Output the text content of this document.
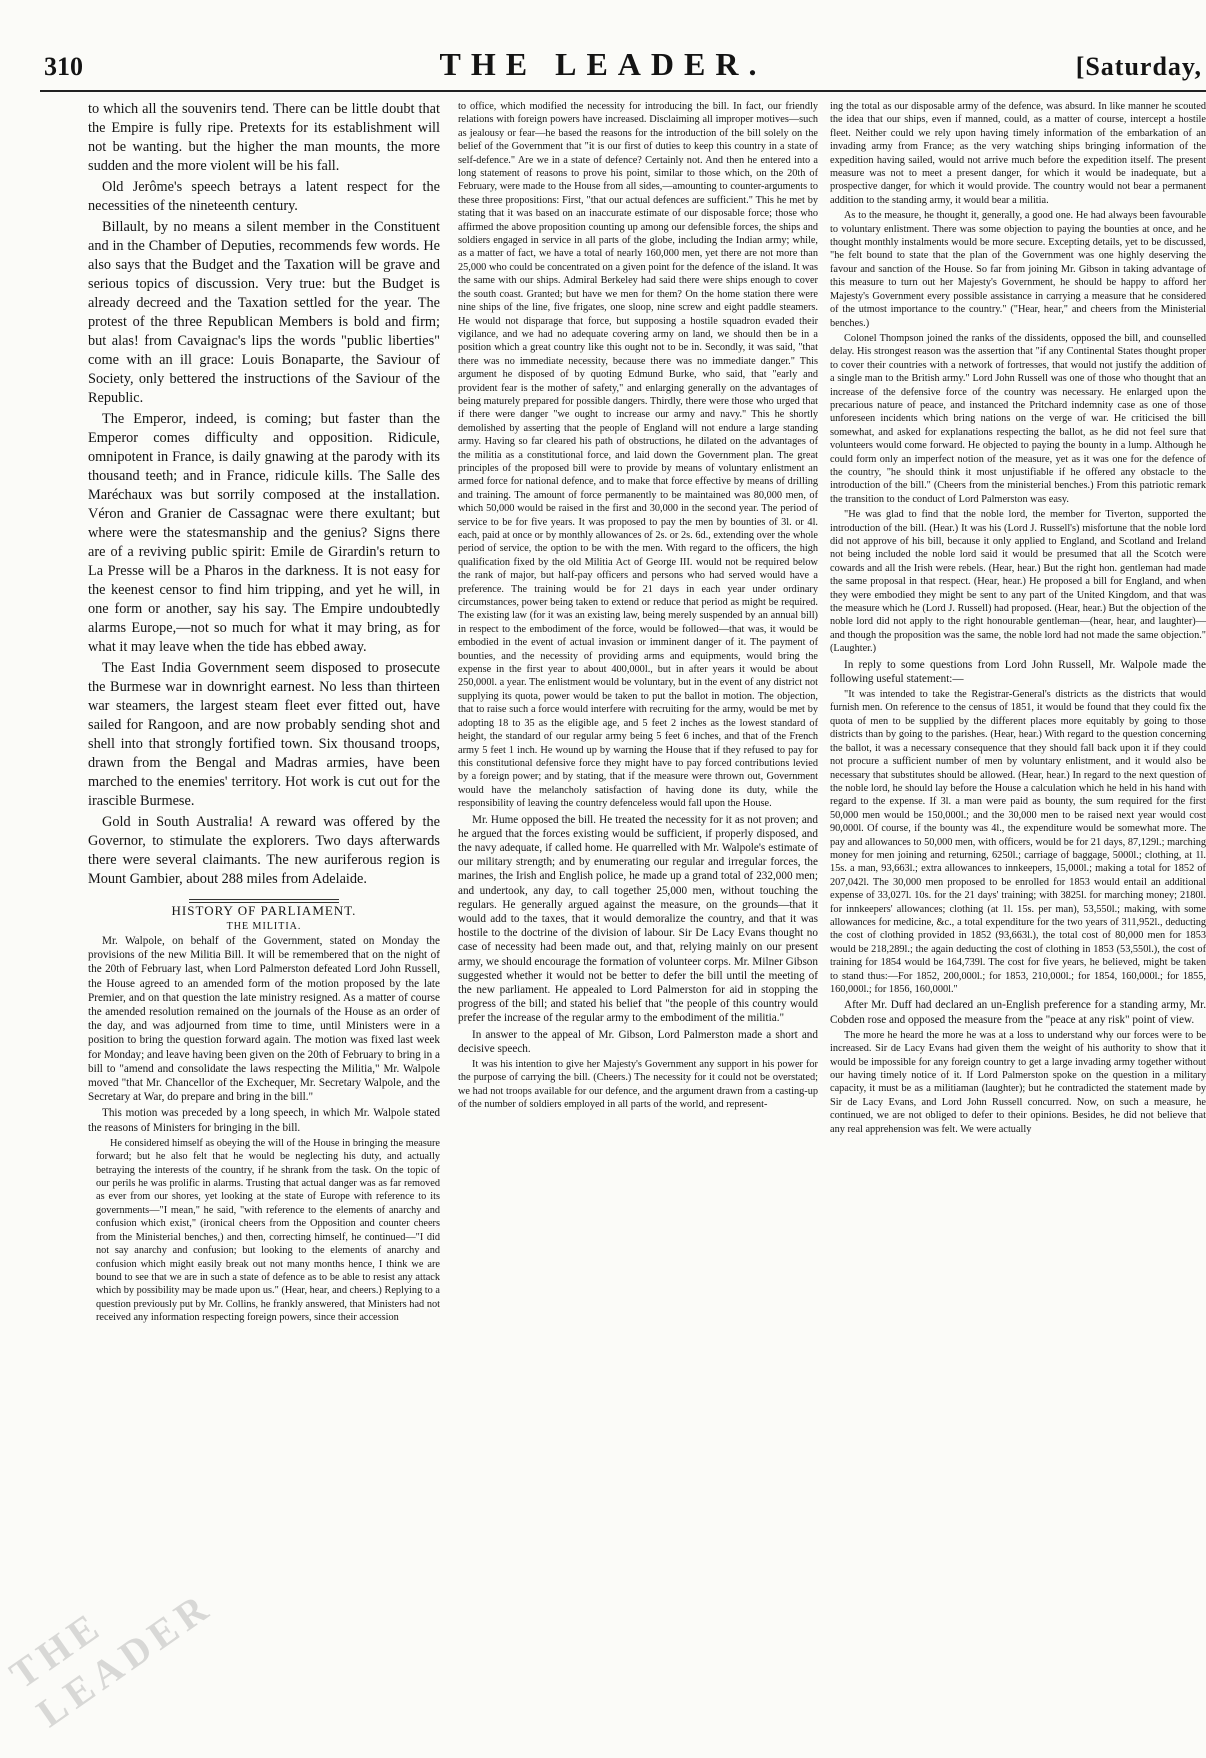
310	THE LEADER.	[Saturday,

to which all the souvenirs tend. There can be little doubt that the Empire is fully ripe. Pretexts for its establishment will not be wanting. but the higher the man mounts, the more sudden and the more violent will be his fall.

Old Jerôme's speech betrays a latent respect for the necessities of the nineteenth century.

Billault, by no means a silent member in the Constituent and in the Chamber of Deputies, recommends few words. He also says that the Budget and the Taxation will be grave and serious topics of discussion. Very true: but the Budget is already decreed and the Taxation settled for the year. The protest of the three Republican Members is bold and firm; but alas! from Cavaignac's lips the words "public liberties" come with an ill grace: Louis Bonaparte, the Saviour of Society, only bettered the instructions of the Saviour of the Republic.

The Emperor, indeed, is coming; but faster than the Emperor comes difficulty and opposition. Ridicule, omnipotent in France, is daily gnawing at the parody with its thousand teeth; and in France, ridicule kills. The Salle des Maréchaux was but sorrily composed at the installation. Véron and Granier de Cassagnac were there exultant; but where were the statesmanship and the genius? Signs there are of a reviving public spirit: Emile de Girardin's return to La Presse will be a Pharos in the darkness. It is not easy for the keenest censor to find him tripping, and yet he will, in one form or another, say his say. The Empire undoubtedly alarms Europe,—not so much for what it may bring, as for what it may leave when the tide has ebbed away.

The East India Government seem disposed to prosecute the Burmese war in downright earnest. No less than thirteen war steamers, the largest steam fleet ever fitted out, have sailed for Rangoon, and are now probably sending shot and shell into that strongly fortified town. Six thousand troops, drawn from the Bengal and Madras armies, have been marched to the enemies' territory. Hot work is cut out for the irascible Burmese.

Gold in South Australia! A reward was offered by the Governor, to stimulate the explorers. Two days afterwards there were several claimants. The new auriferous region is Mount Gambier, about 288 miles from Adelaide.

HISTORY OF PARLIAMENT.

THE MILITIA.

Mr. Walpole, on behalf of the Government, stated on Monday the provisions of the new Militia Bill. It will be remembered that on the night of the 20th of February last, when Lord Palmerston defeated Lord John Russell, the House agreed to an amended form of the motion proposed by the late Premier, and on that question the late ministry resigned. As a matter of course the amended resolution remained on the journals of the House as an order of the day, and was adjourned from time to time, until Ministers were in a position to bring the question forward again. The motion was fixed last week for Monday; and leave having been given on the 20th of February to bring in a bill to "amend and consolidate the laws respecting the Militia," Mr. Walpole moved "that Mr. Chancellor of the Exchequer, Mr. Secretary Walpole, and the Secretary at War, do prepare and bring in the bill."

This motion was preceded by a long speech, in which Mr. Walpole stated the reasons of Ministers for bringing in the bill.

He considered himself as obeying the will of the House in bringing the measure forward; but he also felt that he would be neglecting his duty, and actually betraying the interests of the country, if he shrank from the task. On the topic of our perils he was prolific in alarms. Trusting that actual danger was as far removed as ever from our shores, yet looking at the state of Europe with reference to its governments—"I mean," he said, "with reference to the elements of anarchy and confusion which exist," (ironical cheers from the Opposition and counter cheers from the Ministerial benches,) and then, correcting himself, he continued—"I did not say anarchy and confusion; but looking to the elements of anarchy and confusion which might easily break out not many months hence, I think we are bound to see that we are in such a state of defence as to be able to resist any attack which by possibility may be made upon us." (Hear, hear, and cheers.) Replying to a question previously put by Mr. Collins, he frankly answered, that Ministers had not received any information respecting foreign powers, since their accession

to office, which modified the necessity for introducing the bill. In fact, our friendly relations with foreign powers have increased. Disclaiming all improper motives—such as jealousy or fear—he based the reasons for the introduction of the bill solely on the belief of the Government that "it is our first of duties to keep this country in a state of self-defence." Are we in a state of defence? Certainly not. And then he entered into a long statement of reasons to prove his point, similar to those which, on the 20th of February, were made to the House from all sides,—amounting to counter-arguments to these three propositions: First, "that our actual defences are sufficient." This he met by stating that it was based on an inaccurate estimate of our disposable force; those who affirmed the above proposition counting up among our defensible forces, the ships and soldiers engaged in service in all parts of the globe, including the Indian army; while, as a matter of fact, we have a total of nearly 160,000 men, yet there are not more than 25,000 who could be concentrated on a given point for the defence of the island. It was the same with our ships. Admiral Berkeley had said there were ships enough to cover the south coast. Granted; but have we men for them? On the home station there were nine ships of the line, five frigates, one sloop, nine screw and eight paddle steamers. He would not disparage that force, but supposing a hostile squadron evaded their vigilance, and we had no adequate covering army on land, we should then be in a position which a great country like this ought not to be in. Secondly, it was said, "that there was no immediate necessity, because there was no immediate danger." This argument he disposed of by quoting Edmund Burke, who said, that "early and provident fear is the mother of safety," and enlarging generally on the advantages of being maturely prepared for possible dangers. Thirdly, there were those who urged that if there were danger "we ought to increase our army and navy." This he shortly demolished by asserting that the people of England will not endure a large standing army. Having so far cleared his path of obstructions, he dilated on the advantages of the militia as a constitutional force, and laid down the Government plan. The great principles of the proposed bill were to provide by means of voluntary enlistment an armed force for national defence, and to make that force effective by means of drilling and training. The amount of force permanently to be maintained was 80,000 men, of which 50,000 would be raised in the first and 30,000 in the second year. The period of service to be for five years. It was proposed to pay the men by bounties of 3l. or 4l. each, paid at once or by monthly allowances of 2s. or 2s. 6d., extending over the whole period of service, the option to be with the men. With regard to the officers, the high qualification fixed by the old Militia Act of George III. would not be required below the rank of major, but half-pay officers and persons who had served would have a preference. The training would be for 21 days in each year under ordinary circumstances, power being taken to extend or reduce that period as might be required. The existing law (for it was an existing law, being merely suspended by an annual bill) in respect to the embodiment of the force, would be followed—that was, it would be embodied in the event of actual invasion or imminent danger of it. The payment of bounties, and the necessity of providing arms and equipments, would bring the expense in the first year to about 400,000l., but in after years it would be about 250,000l. a year. The enlistment would be voluntary, but in the event of any district not supplying its quota, power would be taken to put the ballot in motion. The objection, that to raise such a force would interfere with recruiting for the army, would be met by adopting 18 to 35 as the eligible age, and 5 feet 2 inches as the lowest standard of height, the standard of our regular army being 5 feet 6 inches, and that of the French army 5 feet 1 inch. He wound up by warning the House that if they refused to pay for this constitutional defensive force they might have to pay forced contributions levied by a foreign power; and by stating, that if the measure were thrown out, Government would have the melancholy satisfaction of having done its duty, while the responsibility of leaving the country defenceless would fall upon the House.

Mr. Hume opposed the bill. He treated the necessity for it as not proven; and he argued that the forces existing would be sufficient, if properly disposed, and the navy adequate, if called home. He quarrelled with Mr. Walpole's estimate of our military strength; and by enumerating our regular and irregular forces, the marines, the Irish and English police, he made up a grand total of 232,000 men; and undertook, any day, to call together 25,000 men, without touching the regulars. He generally argued against the measure, on the grounds—that it would add to the taxes, that it would demoralize the country, and that it was hostile to the doctrine of the division of labour. Sir De Lacy Evans thought no case of necessity had been made out, and that, relying mainly on our present army, we should encourage the formation of volunteer corps. Mr. Milner Gibson suggested whether it would not be better to defer the bill until the meeting of the new parliament. He appealed to Lord Palmerston for aid in stopping the progress of the bill; and stated his belief that "the people of this country would prefer the increase of the regular army to the embodiment of the militia."

In answer to the appeal of Mr. Gibson, Lord Palmerston made a short and decisive speech.

It was his intention to give her Majesty's Government any support in his power for the purpose of carrying the bill. (Cheers.) The necessity for it could not be overstated; we had not troops available for our defence, and the argument drawn from a casting-up of the number of soldiers employed in all parts of the world, and represent-

ing the total as our disposable army of the defence, was absurd. In like manner he scouted the idea that our ships, even if manned, could, as a matter of course, intercept a hostile fleet. Neither could we rely upon having timely information of the embarkation of an invading army from France; as the very watching ships bringing information of the expedition having sailed, would not arrive much before the expedition itself. The present measure was not to meet a present danger, for which it would be inadequate, but a prospective danger, for which it would provide. The country would not bear a permanent addition to the standing army, it would bear a militia.

As to the measure, he thought it, generally, a good one. He had always been favourable to voluntary enlistment. There was some objection to paying the bounties at once, and he thought monthly instalments would be more secure. Excepting details, yet to be discussed, "he felt bound to state that the plan of the Government was one highly deserving the favour and sanction of the House. So far from joining Mr. Gibson in taking advantage of this measure to turn out her Majesty's Government, he should be happy to afford her Majesty's Government every possible assistance in carrying a measure that he considered of the utmost importance to the country." ("Hear, hear," and cheers from the Ministerial benches.)

Colonel Thompson joined the ranks of the dissidents, opposed the bill, and counselled delay. His strongest reason was the assertion that "if any Continental States thought proper to cover their countries with a network of fortresses, that would not justify the addition of a single man to the British army." Lord John Russell was one of those who thought that an increase of the defensive force of the country was necessary. He enlarged upon the precarious nature of peace, and instanced the Pritchard indemnity case as one of those unforeseen incidents which bring nations on the verge of war. He criticised the bill somewhat, and asked for explanations respecting the ballot, as he did not feel sure that volunteers would come forward. He objected to paying the bounty in a lump. Although he could form only an imperfect notion of the measure, yet as it was one for the defence of the country, "he should think it most unjustifiable if he offered any obstacle to the introduction of the bill." (Cheers from the ministerial benches.) From this patriotic remark the transition to the conduct of Lord Palmerston was easy.

"He was glad to find that the noble lord, the member for Tiverton, supported the introduction of the bill. (Hear.) It was his (Lord J. Russell's) misfortune that the noble lord did not approve of his bill, because it only applied to England, and Scotland and Ireland not being included the noble lord said it would be presumed that all the Scotch were cowards and all the Irish were rebels. (Hear, hear.) But the right hon. gentleman had made the same proposal in that respect. (Hear, hear.) He proposed a bill for England, and when they were embodied they might be sent to any part of the United Kingdom, and that was the measure which he (Lord J. Russell) had proposed. (Hear, hear.) But the objection of the noble lord did not apply to the right honourable gentleman—(hear, hear, and laughter)—and though the proposition was the same, the noble lord had not made the same objection." (Laughter.)

In reply to some questions from Lord John Russell, Mr. Walpole made the following useful statement:—

"It was intended to take the Registrar-General's districts as the districts that would furnish men. On reference to the census of 1851, it would be found that they could fix the quota of men to be supplied by the different places more equitably by going to those districts than by going to the parishes. (Hear, hear.) With regard to the question concerning the ballot, it was a necessary consequence that they should fall back upon it if they could not procure a sufficient number of men by voluntary enlistment, and it would also be necessary that substitutes should be allowed. (Hear, hear.) In regard to the next question of the noble lord, he should lay before the House a calculation which he held in his hand with regard to the expense. If 3l. a man were paid as bounty, the sum required for the first 50,000 men would be 150,000l.; and the 30,000 men to be raised next year would cost 90,000l. Of course, if the bounty was 4l., the expenditure would be somewhat more. The pay and allowances to 50,000 men, with officers, would be for 21 days, 87,129l.; marching money for men joining and returning, 6250l.; carriage of baggage, 5000l.; clothing, at 1l. 15s. a man, 93,663l.; extra allowances to innkeepers, 15,000l.; making a total for 1852 of 207,042l. The 30,000 men proposed to be enrolled for 1853 would entail an additional expense of 33,027l. 10s. for the 21 days' training; with 3825l. for marching money; 2180l. for innkeepers' allowances; clothing (at 1l. 15s. per man), 53,550l.; making, with some allowances for medicine, &c., a total expenditure for the two years of 311,952l., deducting the cost of clothing provided in 1852 (93,663l.), the total cost of 80,000 men for 1853 would be 218,289l.; the again deducting the cost of clothing in 1853 (53,550l.), the cost of training for 1854 would be 164,739l. The cost for five years, he believed, might be taken to stand thus:—For 1852, 200,000l.; for 1853, 210,000l.; for 1854, 160,000l.; for 1855, 160,000l.; for 1856, 160,000l."

After Mr. Duff had declared an un-English preference for a standing army, Mr. Cobden rose and opposed the measure from the "peace at any risk" point of view.

The more he heard the more he was at a loss to understand why our forces were to be increased. Sir de Lacy Evans had given them the weight of his authority to show that it would be impossible for any foreign country to get a large invading army together without our having timely notice of it. If Lord Palmerston spoke on the question in a military capacity, it must be as a militiaman (laughter); but he contradicted the statement made by Sir de Lacy Evans, and Lord John Russell concurred. Now, on such a measure, he continued, we are not obliged to defer to their opinions. Besides, he did not believe that any real apprehension was felt. We were actually

THE LEADER
